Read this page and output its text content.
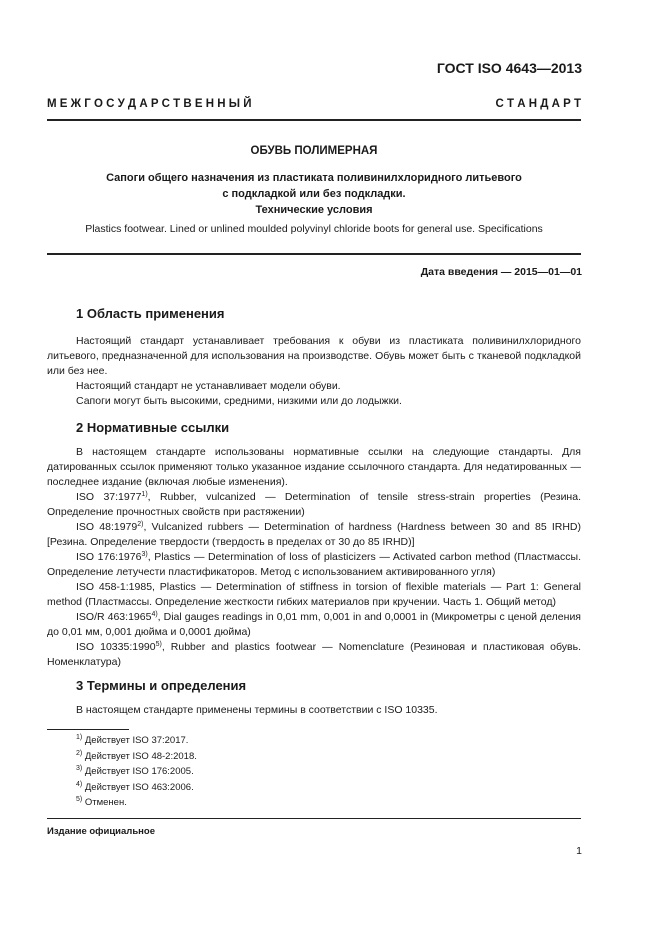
ГОСТ ISO 4643—2013
М Е Ж Г О С У Д А Р С Т В Е Н Н Ы Й	С Т А Н Д А Р Т
ОБУВЬ ПОЛИМЕРНАЯ
Сапоги общего назначения из пластиката поливинилхлоридного литьевого
с подкладкой или без подкладки.
Технические условия
Plastics footwear. Lined or unlined moulded polyvinyl chloride boots for general use. Specifications
Дата введения — 2015—01—01
1 Область применения

Настоящий стандарт устанавливает требования к обуви из пластиката поливинилхлоридного литьевого, предназначенной для использования на производстве. Обувь может быть с тканевой подкладкой или без нее.

Настоящий стандарт не устанавливает модели обуви.

Сапоги могут быть высокими, средними, низкими или до лодыжки.

2 Нормативные ссылки

В настоящем стандарте использованы нормативные ссылки на следующие стандарты. Для датированных ссылок применяют только указанное издание ссылочного стандарта. Для недатированных — последнее издание (включая любые изменения).

ISO 37:1977$^{1)}$, Rubber, vulcanized — Determination of tensile stress-strain properties (Резина. Определение прочностных свойств при растяжении)

ISO 48:1979$^{2)}$, Vulcanized rubbers — Determination of hardness (Hardness between 30 and 85 IRHD) [Резина. Определение твердости (твердость в пределах от 30 до 85 IRHD)]

ISO 176:1976$^{3)}$, Plastics — Determination of loss of plasticizers — Activated carbon method (Пластмассы. Определение летучести пластификаторов. Метод с использованием активированного угля)

ISO 458-1:1985, Plastics — Determination of stiffness in torsion of flexible materials — Part 1: General method (Пластмассы. Определение жесткости гибких материалов при кручении. Часть 1. Общий метод)

ISO/R 463:1965$^{4)}$, Dial gauges readings in 0,01 mm, 0,001 in and 0,0001 in (Микрометры с ценой деления до 0,01 мм, 0,001 дюйма и 0,0001 дюйма)

ISO 10335:1990$^{5)}$, Rubber and plastics footwear — Nomenclature (Резиновая и пластиковая обувь. Номенклатура)

3 Термины и определения

В настоящем стандарте применены термины в соответствии с ISO 10335.

$^{1)}$ Действует ISO 37:2017.
$^{2)}$ Действует ISO 48-2:2018.
$^{3)}$ Действует ISO 176:2005.
$^{4)}$ Действует ISO 463:2006.
$^{5)}$ Отменен.
Издание официальное
1
